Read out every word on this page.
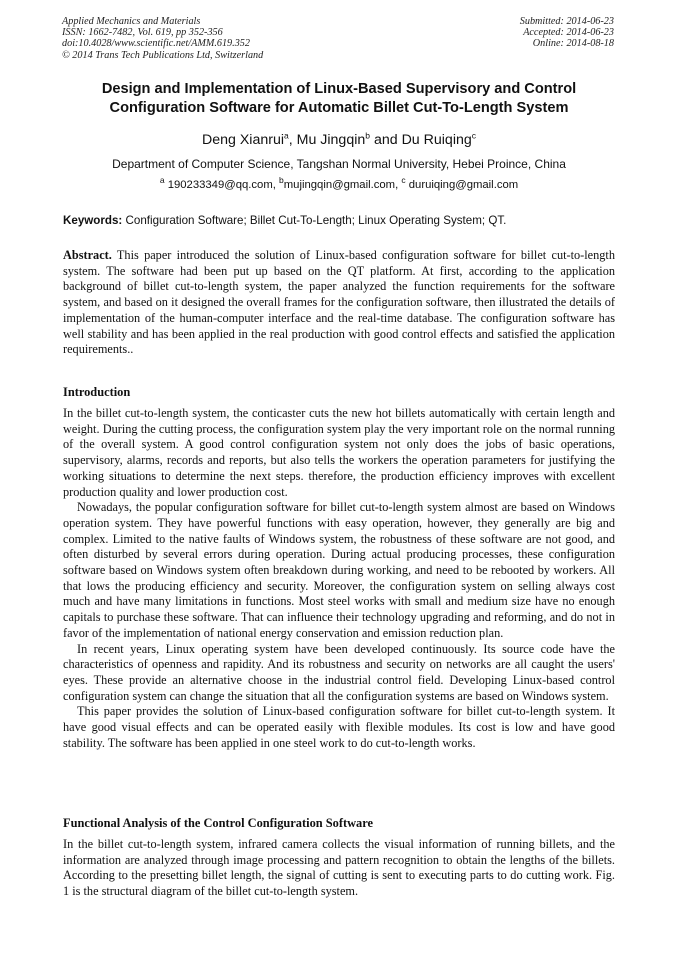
Applied Mechanics and Materials
ISSN: 1662-7482, Vol. 619, pp 352-356
doi:10.4028/www.scientific.net/AMM.619.352
© 2014 Trans Tech Publications Ltd, Switzerland
Submitted: 2014-06-23
Accepted: 2014-06-23
Online: 2014-08-18
Design and Implementation of Linux-Based Supervisory and Control
Configuration Software for Automatic Billet Cut-To-Length System
Deng Xianrui$^a$, Mu Jingqin$^b$ and Du Ruiqing$^c$
Department of Computer Science, Tangshan Normal University, Hebei Proince, China
$^a$ 190233349@qq.com, $^b$mujingqin@gmail.com, $^c$ duruiqing@gmail.com
Keywords: Configuration Software; Billet Cut-To-Length; Linux Operating System; QT.

Abstract. This paper introduced the solution of Linux-based configuration software for billet cut-to-length system. The software had been put up based on the QT platform. At first, according to the application background of billet cut-to-length system, the paper analyzed the function requirements for the software system, and based on it designed the overall frames for the configuration software, then illustrated the details of implementation of the human-computer interface and the real-time database. The configuration software has well stability and has been applied in the real production with good control effects and satisfied the application requirements..

Introduction

In the billet cut-to-length system, the conticaster cuts the new hot billets automatically with certain length and weight. During the cutting process, the configuration system play the very important role on the normal running of the overall system. A good control configuration system not only does the jobs of basic operations, supervisory, alarms, records and reports, but also tells the workers the operation parameters for justifying the working situations to determine the next steps. therefore, the production efficiency improves with excellent production quality and lower production cost.

Nowadays, the popular configuration software for billet cut-to-length system almost are based on Windows operation system. They have powerful functions with easy operation, however, they generally are big and complex. Limited to the native faults of Windows system, the robustness of these software are not good, and often disturbed by several errors during operation. During actual producing processes, these configuration software based on Windows system often breakdown during working, and need to be rebooted by workers. All that lows the producing efficiency and security. Moreover, the configuration system on selling always cost much and have many limitations in functions. Most steel works with small and medium size have no enough capitals to purchase these software. That can influence their technology upgrading and reforming, and do not in favor of the implementation of national energy conservation and emission reduction plan.

In recent years, Linux operating system have been developed continuously. Its source code have the characteristics of openness and rapidity. And its robustness and security on networks are all caught the users' eyes. These provide an alternative choose in the industrial control field. Developing Linux-based control configuration system can change the situation that all the configuration systems are based on Windows system.

This paper provides the solution of Linux-based configuration software for billet cut-to-length system. It have good visual effects and can be operated easily with flexible modules. Its cost is low and have good stability. The software has been applied in one steel work to do cut-to-length works.

Functional Analysis of the Control Configuration Software

In the billet cut-to-length system, infrared camera collects the visual information of running billets, and the information are analyzed through image processing and pattern recognition to obtain the lengths of the billets. According to the presetting billet length, the signal of cutting is sent to executing parts to do cutting work. Fig. 1 is the structural diagram of the billet cut-to-length system.
